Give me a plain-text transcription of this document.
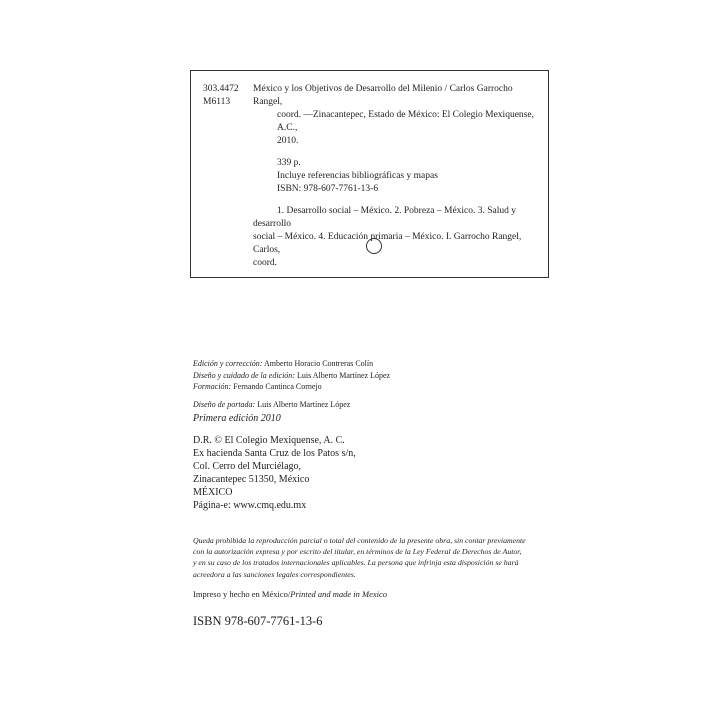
303.4472
M6113
México y los Objetivos de Desarrollo del Milenio / Carlos Garrocho Rangel,
coord. —Zinacantepec, Estado de México: El Colegio Mexiquense, A.C.,
2010.
339 p.
Incluye referencias bibliográficas y mapas
ISBN: 978-607-7761-13-6
1. Desarrollo social – México. 2. Pobreza – México. 3. Salud y desarrollo
social – México. 4. Educación primaria – México. I. Garrocho Rangel, Carlos,
coord.
Edición y corrección: Amberto Horacio Contreras Colín
Diseño y cuidado de la edición: Luis Alberto Martínez López
Formación: Fernando Cantinca Cornejo
Diseño de portada: Luis Alberto Martínez López
Primera edición 2010
D.R. © El Colegio Mexiquense, A. C.
Ex hacienda Santa Cruz de los Patos s/n,
Col. Cerro del Murciélago,
Zinacantepec 51350, México
MÉXICO
Página-e: www.cmq.edu.mx
Queda prohibida la reproducción parcial o total del contenido de la presente obra, sin contar previamente
con la autorización expresa y por escrito del titular, en términos de la Ley Federal de Derechos de Autor,
y en su caso de los tratados internacionales aplicables. La persona que infrinja esta disposición se hará
acreedora a las sanciones legales correspondientes.
Impreso y hecho en México/Printed and made in Mexico
ISBN 978-607-7761-13-6
